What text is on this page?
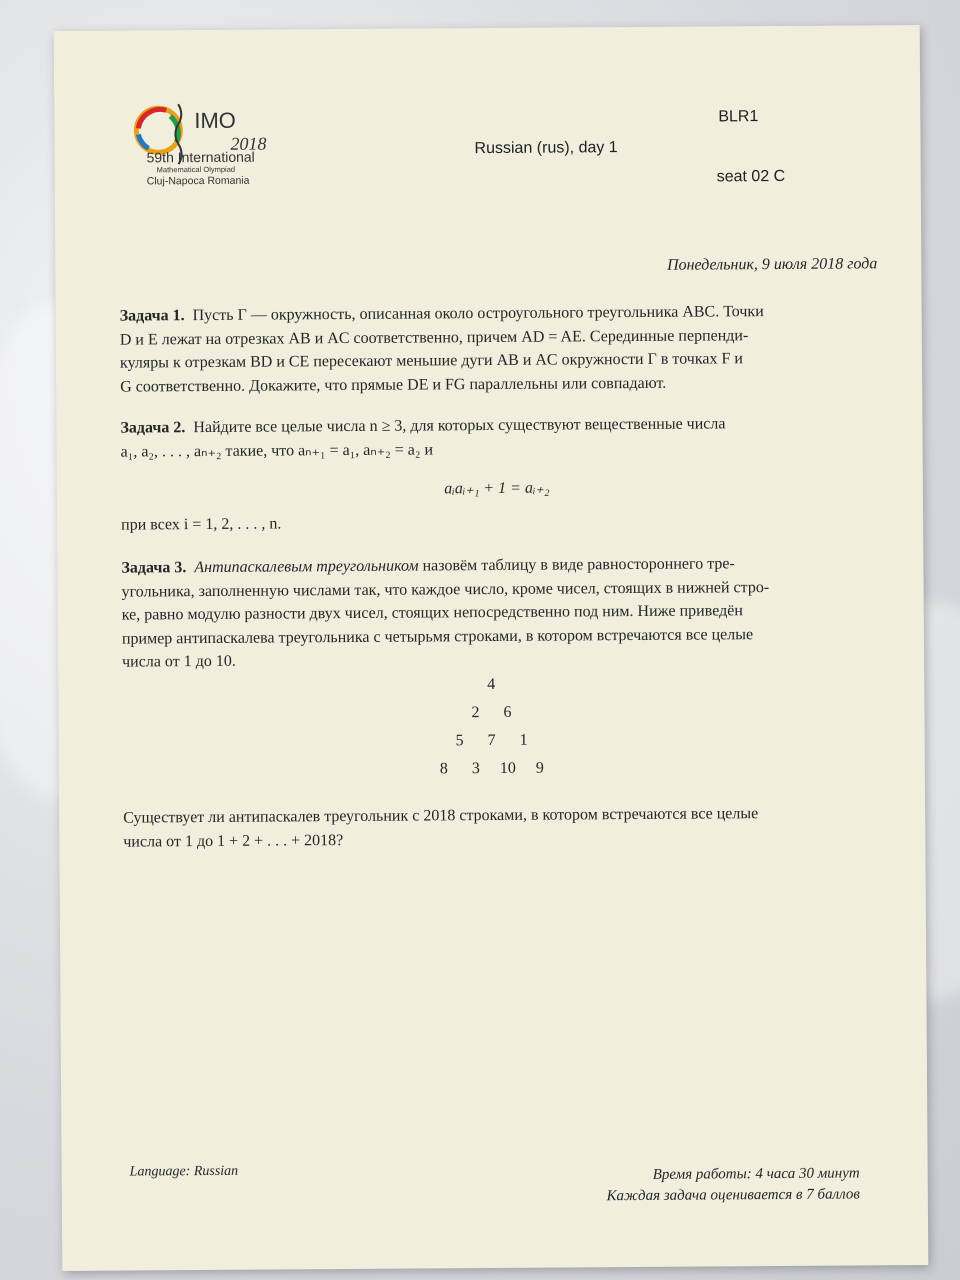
IMO
2018
59th International
Mathematical Olympiad
Cluj-Napoca Romania
Russian (rus), day 1
BLR1
seat 02 C
Понедельник, 9 июля 2018 года
Задача 1. Пусть Γ — окружность, описанная около остроугольного треугольника ABC. Точки
D и E лежат на отрезках AB и AC соответственно, причем AD = AE. Серединные перпенди-
куляры к отрезкам BD и CE пересекают меньшие дуги AB и AC окружности Γ в точках F и
G соответственно. Докажите, что прямые DE и FG параллельны или совпадают.
Задача 2. Найдите все целые числа n ≥ 3, для которых существуют вещественные числа
a₁, a₂, . . . , aₙ₊₂ такие, что aₙ₊₁ = a₁, aₙ₊₂ = a₂ и
aᵢaᵢ₊₁ + 1 = aᵢ₊₂
при всех i = 1, 2, . . . , n.
Задача 3. Антипаскалевым треугольником назовём таблицу в виде равностороннего тре-
угольника, заполненную числами так, что каждое число, кроме чисел, стоящих в нижней стро-
ке, равно модулю разности двух чисел, стоящих непосредственно под ним. Ниже приведён
пример антипаскалева треугольника с четырьмя строками, в котором встречаются все целые
числа от 1 до 10.
4
2 6
5 7 1
8 3 10 9
Существует ли антипаскалев треугольник с 2018 строками, в котором встречаются все целые
числа от 1 до 1 + 2 + . . . + 2018?
Language: Russian	Время работы: 4 часа 30 минут
Каждая задача оценивается в 7 баллов
